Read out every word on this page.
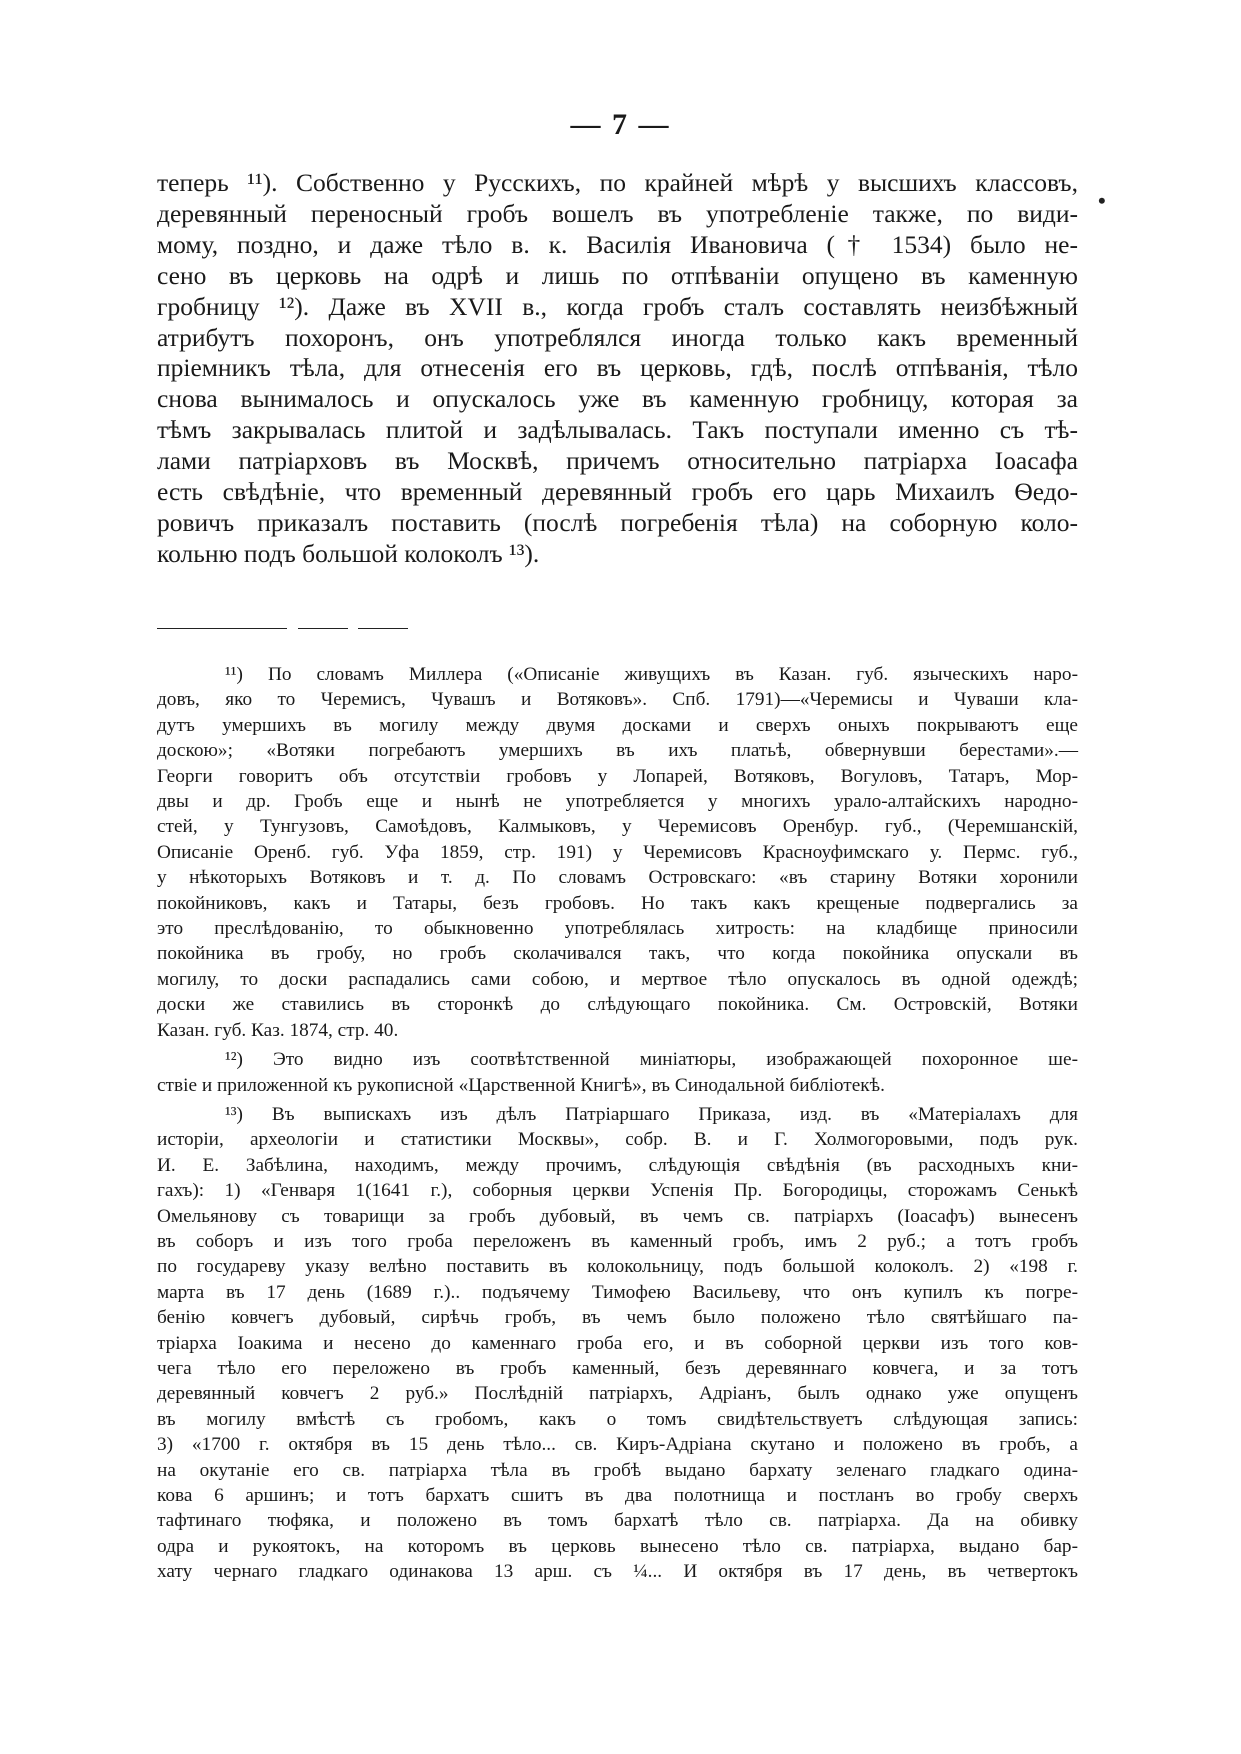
— 7 —
теперь ¹¹). Собственно у Русскихъ, по крайней мѣрѣ у высшихъ классовъ,
деревянный переносный гробъ вошелъ въ употребленіе также, по види-
мому, поздно, и даже тѣло в. к. Василія Ивановича († 1534) было не-
сено въ церковь на одрѣ и лишь по отпѣваніи опущено въ каменную
гробницу ¹²). Даже въ XVII в., когда гробъ сталъ составлять неизбѣжный
атрибутъ похоронъ, онъ употреблялся иногда только какъ временный
пріемникъ тѣла, для отнесенія его въ церковь, гдѣ, послѣ отпѣванія, тѣло
снова вынималось и опускалось уже въ каменную гробницу, которая за
тѣмъ закрывалась плитой и задѣлывалась. Такъ поступали именно съ тѣ-
лами патріарховъ въ Москвѣ, причемъ относительно патріарха Іоасафа
есть свѣдѣніе, что временный деревянный гробъ его царь Михаилъ Ѳедо-
ровичъ приказалъ поставить (послѣ погребенія тѣла) на соборную коло-
кольню подъ большой колоколъ ¹³).
•
¹¹) По словамъ Миллера («Описаніе живущихъ въ Казан. губ. языческихъ наро-
довъ, яко то Черемисъ, Чувашъ и Вотяковъ». Спб. 1791)—«Черемисы и Чуваши кла-
дутъ умершихъ въ могилу между двумя досками и сверхъ оныхъ покрываютъ еще
доскою»; «Вотяки погребаютъ умершихъ въ ихъ платьѣ, обвернувши берестами».—
Георги говоритъ объ отсутствіи гробовъ у Лопарей, Вотяковъ, Вогуловъ, Татаръ, Мор-
двы и др. Гробъ еще и нынѣ не употребляется у многихъ урало-алтайскихъ народно-
стей, у Тунгузовъ, Самоѣдовъ, Калмыковъ, у Черемисовъ Оренбур. губ., (Черемшанскій,
Описаніе Оренб. губ. Уфа 1859, стр. 191) у Черемисовъ Красноуфимскаго у. Пермс. губ.,
у нѣкоторыхъ Вотяковъ и т. д. По словамъ Островскаго: «въ старину Вотяки хоронили
покойниковъ, какъ и Татары, безъ гробовъ. Но такъ какъ крещеные подвергались за
это преслѣдованію, то обыкновенно употреблялась хитрость: на кладбище приносили
покойника въ гробу, но гробъ сколачивался такъ, что когда покойника опускали въ
могилу, то доски распадались сами собою, и мертвое тѣло опускалось въ одной одеждѣ;
доски же ставились въ сторонкѣ до слѣдующаго покойника. См. Островскій, Вотяки
Казан. губ. Каз. 1874, стр. 40.
¹²) Это видно изъ соотвѣтственной миніатюры, изображающей похоронное ше-
ствіе и приложенной къ рукописной «Царственной Книгѣ», въ Синодальной библіотекѣ.
¹³) Въ выпискахъ изъ дѣлъ Патріаршаго Приказа, изд. въ «Матеріалахъ для
исторіи, археологіи и статистики Москвы», собр. В. и Г. Холмогоровыми, подъ рук.
И. Е. Забѣлина, находимъ, между прочимъ, слѣдующія свѣдѣнія (въ расходныхъ кни-
гахъ): 1) «Генваря 1(1641 г.), соборныя церкви Успенія Пр. Богородицы, сторожамъ Сенькѣ
Омельянову съ товарищи за гробъ дубовый, въ чемъ св. патріархъ (Іоасафъ) вынесенъ
въ соборъ и изъ того гроба переложенъ въ каменный гробъ, имъ 2 руб.; а тотъ гробъ
по государеву указу велѣно поставить въ колокольницу, подъ большой колоколъ. 2) «198 г.
марта въ 17 день (1689 г.).. подъячему Тимофею Васильеву, что онъ купилъ къ погре-
бенію ковчегъ дубовый, сирѣчь гробъ, въ чемъ было положено тѣло святѣйшаго па-
тріарха Іоакима и несено до каменнаго гроба его, и въ соборной церкви изъ того ков-
чега тѣло его переложено въ гробъ каменный, безъ деревяннаго ковчега, и за тотъ
деревянный ковчегъ 2 руб.» Послѣдній патріархъ, Адріанъ, былъ однако уже опущенъ
въ могилу вмѣстѣ съ гробомъ, какъ о томъ свидѣтельствуетъ слѣдующая запись:
3) «1700 г. октября въ 15 день тѣло... св. Киръ-Адріана скутано и положено въ гробъ, а
на окутаніе его св. патріарха тѣла въ гробѣ выдано бархату зеленаго гладкаго одина-
кова 6 аршинъ; и тотъ бархатъ сшитъ въ два полотнища и постланъ во гробу сверхъ
тафтинаго тюфяка, и положено въ томъ бархатѣ тѣло св. патріарха. Да на обивку
одра и рукоятокъ, на которомъ въ церковь вынесено тѣло св. патріарха, выдано бар-
хату чернаго гладкаго одинакова 13 арш. съ ¼... И октября въ 17 день, въ четвертокъ
